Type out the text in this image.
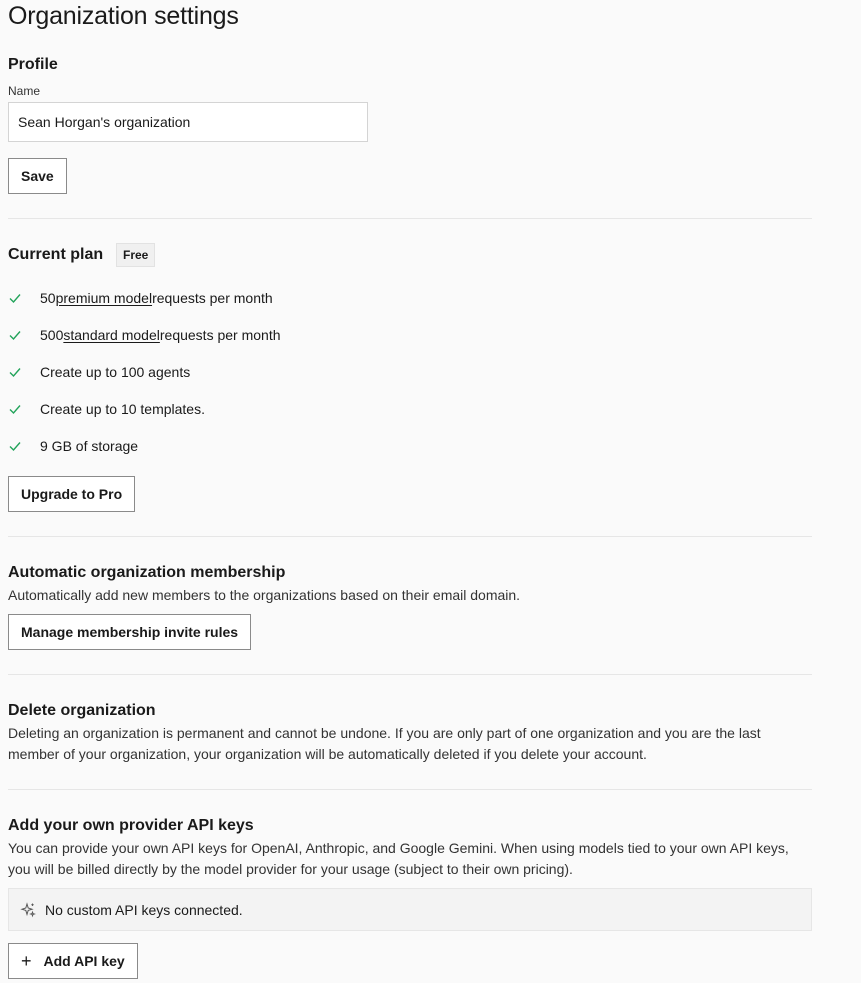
Organization settings
Profile
Name
Sean Horgan's organization
Save
Current plan	Free
50 premium model requests per month
500 standard model requests per month
Create up to 100 agents
Create up to 10 templates.
9 GB of storage
Upgrade to Pro
Automatic organization membership
Automatically add new members to the organizations based on their email domain.
Manage membership invite rules
Delete organization
Deleting an organization is permanent and cannot be undone. If you are only part of one organization and you are the last member of your organization, your organization will be automatically deleted if you delete your account.
Add your own provider API keys
You can provide your own API keys for OpenAI, Anthropic, and Google Gemini. When using models tied to your own API keys, you will be billed directly by the model provider for your usage (subject to their own pricing).
No custom API keys connected.
+ Add API key
